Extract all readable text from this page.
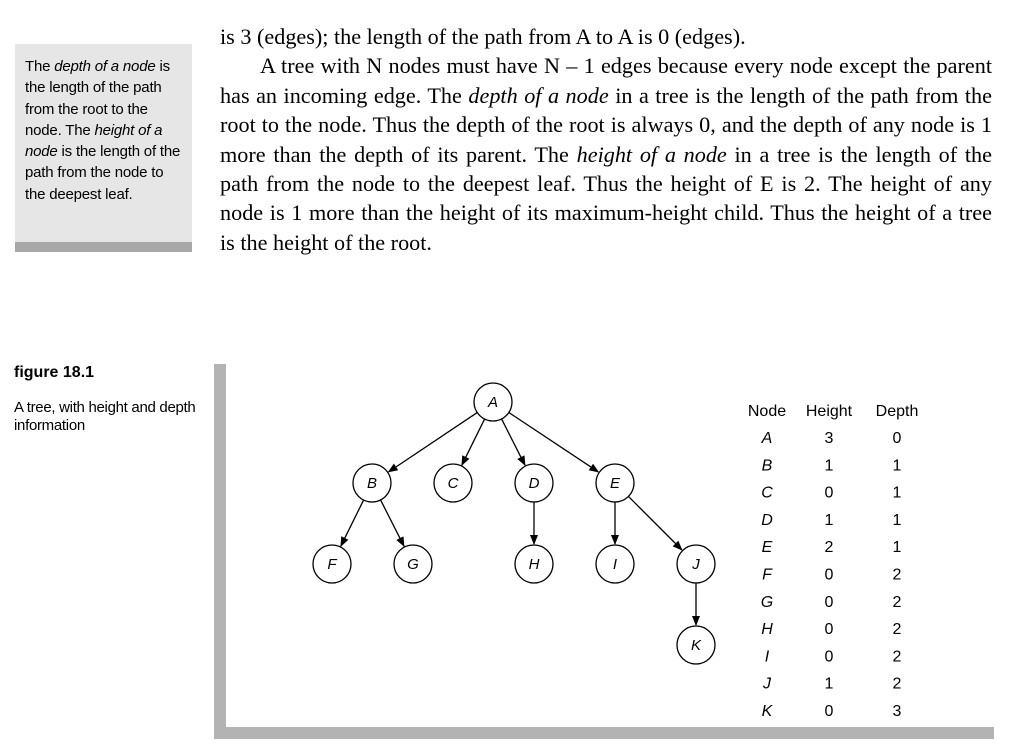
The depth of a node is the length of the path from the root to the node. The height of a node is the length of the path from the node to the deepest leaf.

is 3 (edges); the length of the path from A to A is 0 (edges).

A tree with N nodes must have N – 1 edges because every node except the parent has an incoming edge. The depth of a node in a tree is the length of the path from the root to the node. Thus the depth of the root is always 0, and the depth of any node is 1 more than the depth of its parent. The height of a node in a tree is the length of the path from the node to the deepest leaf. Thus the height of E is 2. The height of any node is 1 more than the height of its maximum-height child. Thus the height of a tree is the height of the root.

figure 18.1
A tree, with height and depth information
A
B	C	D	E
F	G	H	I	J
K
Node Height Depth
A	3	0
B	1	1
C	0	1
D	1	1
E	2	1
F	0	2
G	0	2
H	0	2
I	0	2
J	1	2
K	0	3
